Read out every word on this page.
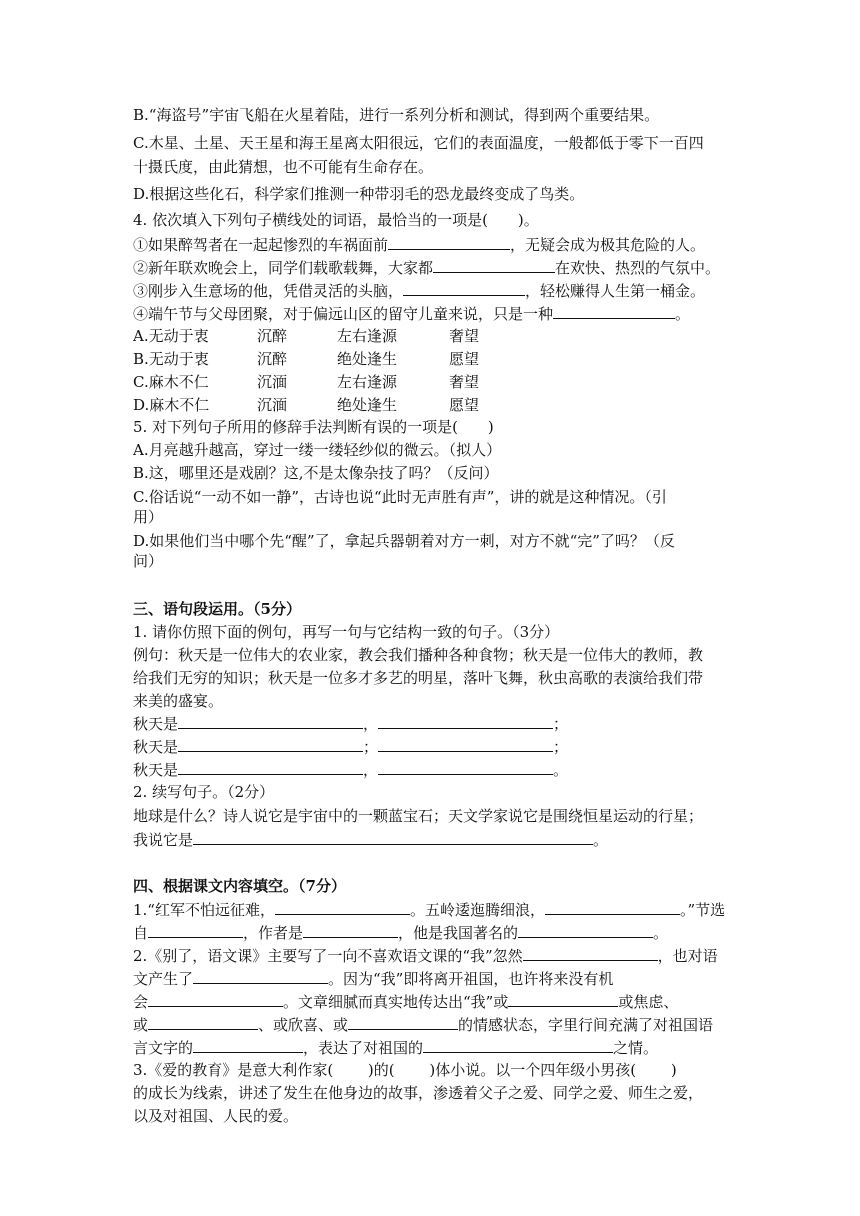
B.“海盗号”宇宙飞船在火星着陆，进行一系列分析和测试，得到两个重要结果。
C.木星、土星、天王星和海王星离太阳很远，它们的表面温度，一般都低于零下一百四
十摄氏度，由此猜想，也不可能有生命存在。
D.根据这些化石，科学家们推测一种带羽毛的恐龙最终变成了鸟类。
4. 依次填入下列句子横线处的词语，最恰当的一项是(　　)。
①如果醉驾者在一起起惨烈的车祸面前	，无疑会成为极其危险的人。
②新年联欢晚会上，同学们载歌载舞，大家都	在欢快、热烈的气氛中。
③刚步入生意场的他，凭借灵活的头脑，	，轻松赚得人生第一桶金。
④端午节与父母团聚，对于偏远山区的留守儿童来说，只是一种	。
A.无动于衷	沉醉	左右逢源	奢望
B.无动于衷	沉醉	绝处逢生	愿望
C.麻木不仁	沉湎	左右逢源	奢望
D.麻木不仁	沉湎	绝处逢生	愿望
5. 对下列句子所用的修辞手法判断有误的一项是(　　)
A.月亮越升越高，穿过一缕一缕轻纱似的微云。（拟人）
B.这，哪里还是戏剧？这,不是太像杂技了吗？（反问）
C.俗话说“一动不如一静”，古诗也说“此时无声胜有声”，讲的就是这种情况。（引
用）
D.如果他们当中哪个先“醒”了，拿起兵器朝着对方一刺，对方不就“完”了吗？（反
问）
三、语句段运用。（5分）
1. 请你仿照下面的例句，再写一句与它结构一致的句子。（3分）
例句：秋天是一位伟大的农业家，教会我们播种各种食物；秋天是一位伟大的教师，教
给我们无穷的知识；秋天是一位多才多艺的明星，落叶飞舞，秋虫高歌的表演给我们带
来美的盛宴。
秋天是	，	；
秋天是	；	；
秋天是	，	。
2. 续写句子。（2分）
地球是什么？诗人说它是宇宙中的一颗蓝宝石；天文学家说它是围绕恒星运动的行星；
我说它是	。
四、根据课文内容填空。（7分）
1.“红军不怕远征难，	。五岭逶迤腾细浪，	。”节选
自	，作者是	，他是我国著名的	。
2.《别了，语文课》主要写了一向不喜欢语文课的“我”忽然	，也对语
文产生了	。因为“我”即将离开祖国，也许将来没有机
会	。文章细腻而真实地传达出“我”或	或焦虑、
或	、或欣喜、或	的情感状态，字里行间充满了对祖国语
言文字的	，表达了对祖国的	之情。
3.《爱的教育》是意大利作家(　　 )的(　　 )体小说。以一个四年级小男孩(　　 )
的成长为线索，讲述了发生在他身边的故事，渗透着父子之爱、同学之爱、师生之爱，
以及对祖国、人民的爱。
